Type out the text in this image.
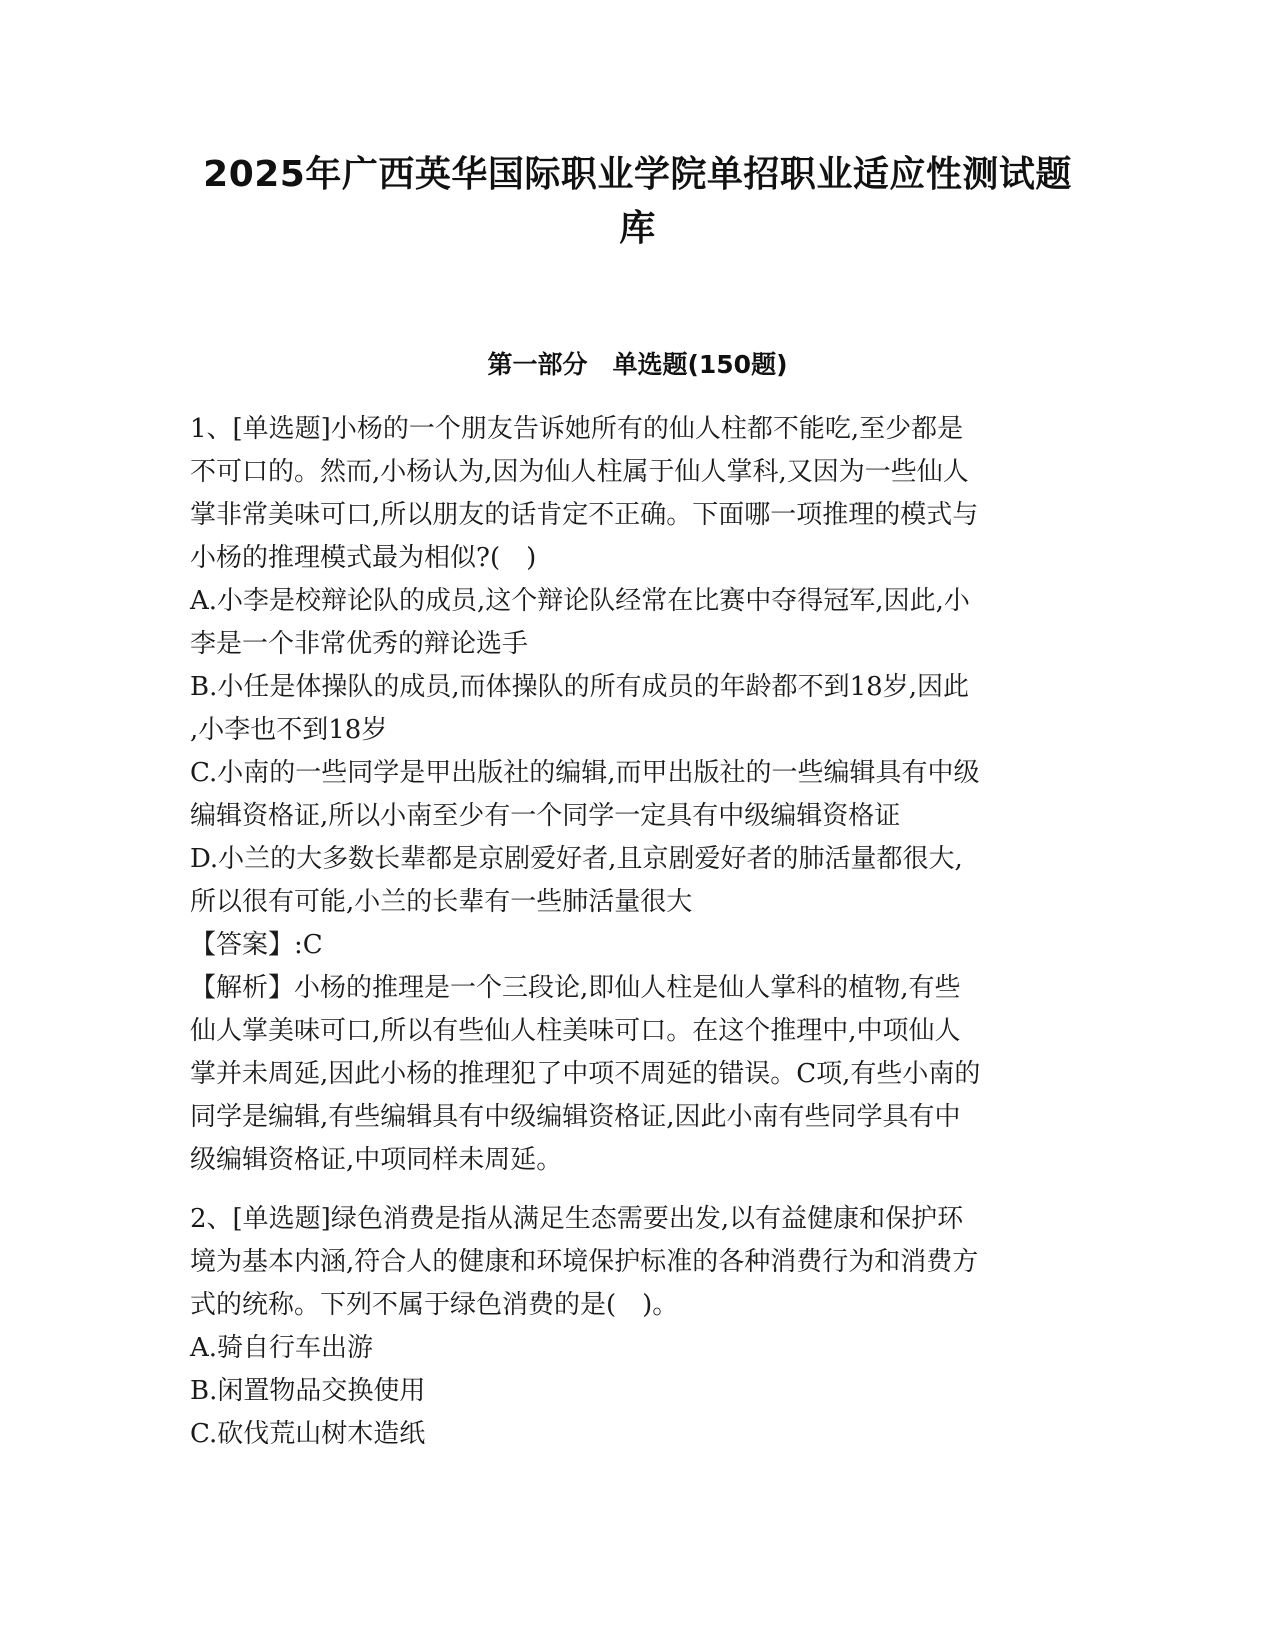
2025年广西英华国际职业学院单招职业适应性测试题
库
第一部分　单选题(150题)
1、[单选题]小杨的一个朋友告诉她所有的仙人柱都不能吃,至少都是
不可口的。然而,小杨认为,因为仙人柱属于仙人掌科,又因为一些仙人
掌非常美味可口,所以朋友的话肯定不正确。下面哪一项推理的模式与
小杨的推理模式最为相似?(　)
A.小李是校辩论队的成员,这个辩论队经常在比赛中夺得冠军,因此,小
李是一个非常优秀的辩论选手
B.小任是体操队的成员,而体操队的所有成员的年龄都不到18岁,因此
,小李也不到18岁
C.小南的一些同学是甲出版社的编辑,而甲出版社的一些编辑具有中级
编辑资格证,所以小南至少有一个同学一定具有中级编辑资格证
D.小兰的大多数长辈都是京剧爱好者,且京剧爱好者的肺活量都很大,
所以很有可能,小兰的长辈有一些肺活量很大
【答案】:C
【解析】小杨的推理是一个三段论,即仙人柱是仙人掌科的植物,有些
仙人掌美味可口,所以有些仙人柱美味可口。在这个推理中,中项仙人
掌并未周延,因此小杨的推理犯了中项不周延的错误。C项,有些小南的
同学是编辑,有些编辑具有中级编辑资格证,因此小南有些同学具有中
级编辑资格证,中项同样未周延。
2、[单选题]绿色消费是指从满足生态需要出发,以有益健康和保护环
境为基本内涵,符合人的健康和环境保护标准的各种消费行为和消费方
式的统称。下列不属于绿色消费的是(　)。
A.骑自行车出游
B.闲置物品交换使用
C.砍伐荒山树木造纸
